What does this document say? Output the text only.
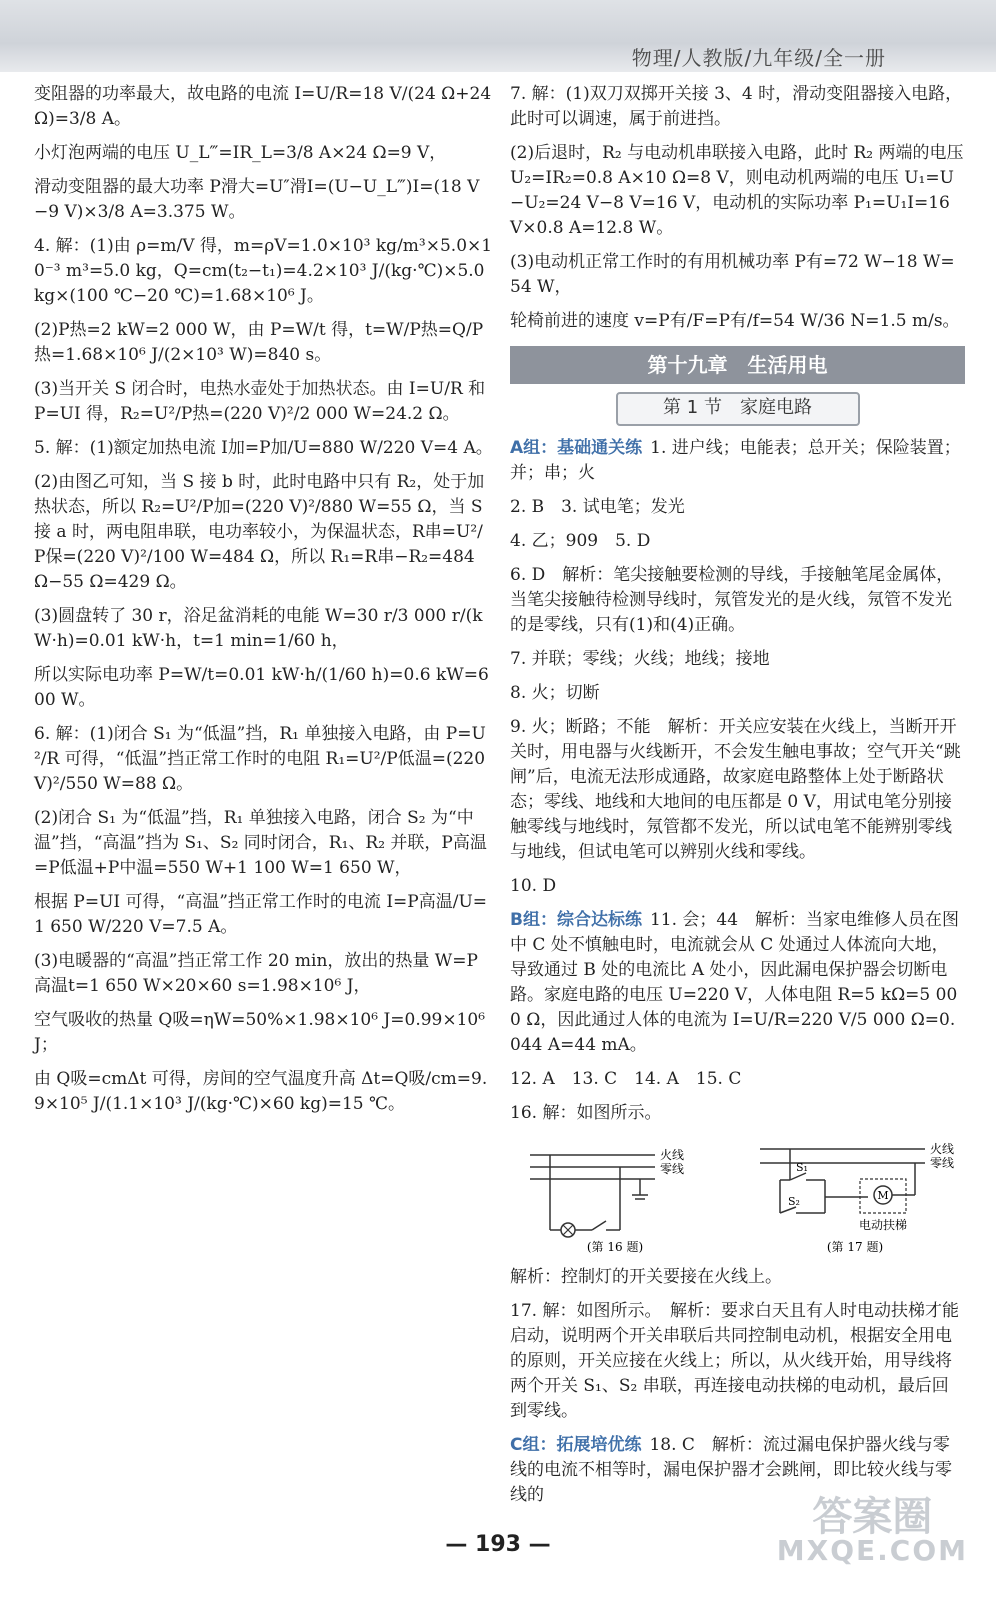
物理/人教版/九年级/全一册

变阻器的功率最大，故电路的电流 I=U/R=18 V/(24 Ω+24 Ω)=3/8 A。

小灯泡两端的电压 U_L‴=IR_L=3/8 A×24 Ω=9 V，

滑动变阻器的最大功率 P滑大=U″滑I=(U−U_L‴)I=(18 V−9 V)×3/8 A=3.375 W。

4. 解：(1)由 ρ=m/V 得，m=ρV=1.0×10³ kg/m³×5.0×10⁻³ m³=5.0 kg，Q=cm(t₂−t₁)=4.2×10³ J/(kg·℃)×5.0 kg×(100 ℃−20 ℃)=1.68×10⁶ J。

(2)P热=2 kW=2 000 W，由 P=W/t 得，t=W/P热=Q/P热=1.68×10⁶ J/(2×10³ W)=840 s。

(3)当开关 S 闭合时，电热水壶处于加热状态。由 I=U/R 和 P=UI 得，R₂=U²/P热=(220 V)²/2 000 W=24.2 Ω。

5. 解：(1)额定加热电流 I加=P加/U=880 W/220 V=4 A。

(2)由图乙可知，当 S 接 b 时，此时电路中只有 R₂，处于加热状态，所以 R₂=U²/P加=(220 V)²/880 W=55 Ω，当 S 接 a 时，两电阻串联，电功率较小，为保温状态，R串=U²/P保=(220 V)²/100 W=484 Ω，所以 R₁=R串−R₂=484 Ω−55 Ω=429 Ω。

(3)圆盘转了 30 r，浴足盆消耗的电能 W=30 r/3 000 r/(kW·h)=0.01 kW·h，t=1 min=1/60 h，

所以实际电功率 P=W/t=0.01 kW·h/(1/60 h)=0.6 kW=600 W。

6. 解：(1)闭合 S₁ 为“低温”挡，R₁ 单独接入电路，由 P=U²/R 可得，“低温”挡正常工作时的电阻 R₁=U²/P低温=(220 V)²/550 W=88 Ω。

(2)闭合 S₁ 为“低温”挡，R₁ 单独接入电路，闭合 S₂ 为“中温”挡，“高温”挡为 S₁、S₂ 同时闭合，R₁、R₂ 并联，P高温=P低温+P中温=550 W+1 100 W=1 650 W，

根据 P=UI 可得，“高温”挡正常工作时的电流 I=P高温/U=1 650 W/220 V=7.5 A。

(3)电暖器的“高温”挡正常工作 20 min，放出的热量 W=P高温t=1 650 W×20×60 s=1.98×10⁶ J，

空气吸收的热量 Q吸=ηW=50%×1.98×10⁶ J=0.99×10⁶ J；

由 Q吸=cmΔt 可得，房间的空气温度升高 Δt=Q吸/cm=9.9×10⁵ J/(1.1×10³ J/(kg·℃)×60 kg)=15 ℃。

7. 解：(1)双刀双掷开关接 3、4 时，滑动变阻器接入电路，此时可以调速，属于前进挡。

(2)后退时，R₂ 与电动机串联接入电路，此时 R₂ 两端的电压 U₂=IR₂=0.8 A×10 Ω=8 V，则电动机两端的电压 U₁=U−U₂=24 V−8 V=16 V，电动机的实际功率 P₁=U₁I=16 V×0.8 A=12.8 W。

(3)电动机正常工作时的有用机械功率 P有=72 W−18 W=54 W，

轮椅前进的速度 v=P有/F=P有/f=54 W/36 N=1.5 m/s。

第十九章　生活用电
第 1 节　家庭电路

A组：基础通关练 1. 进户线；电能表；总开关；保险装置；并；串；火

2. B　3. 试电笔；发光

4. 乙；909　5. D

6. D　解析：笔尖接触要检测的导线，手接触笔尾金属体，当笔尖接触待检测导线时，氖管发光的是火线，氖管不发光的是零线，只有(1)和(4)正确。

7. 并联；零线；火线；地线；接地

8. 火；切断

9. 火；断路；不能　解析：开关应安装在火线上，当断开开关时，用电器与火线断开，不会发生触电事故；空气开关“跳闸”后，电流无法形成通路，故家庭电路整体上处于断路状态；零线、地线和大地间的电压都是 0 V，用试电笔分别接触零线与地线时，氖管都不发光，所以试电笔不能辨别零线与地线，但试电笔可以辨别火线和零线。

10. D

B组：综合达标练 11. 会；44　解析：当家电维修人员在图中 C 处不慎触电时，电流就会从 C 处通过人体流向大地，导致通过 B 处的电流比 A 处小，因此漏电保护器会切断电路。家庭电路的电压 U=220 V，人体电阻 R=5 kΩ=5 000 Ω，因此通过人体的电流为 I=U/R=220 V/5 000 Ω=0.044 A=44 mA。

12. A　13. C　14. A　15. C

16. 解：如图所示。

火线
零线
(第 16 题)
火线
零线
S₁
S₂	M
电动扶梯
(第 17 题)

解析：控制灯的开关要接在火线上。

17. 解：如图所示。　解析：要求白天且有人时电动扶梯才能启动，说明两个开关串联后共同控制电动机，根据安全用电的原则，开关应接在火线上；所以，从火线开始，用导线将两个开关 S₁、S₂ 串联，再连接电动扶梯的电动机，最后回到零线。

C组：拓展培优练 18. C　解析：流过漏电保护器火线与零线的电流不相等时，漏电保护器才会跳闸，即比较火线与零线的

— 193 —
答案圈
MXQE.COM
